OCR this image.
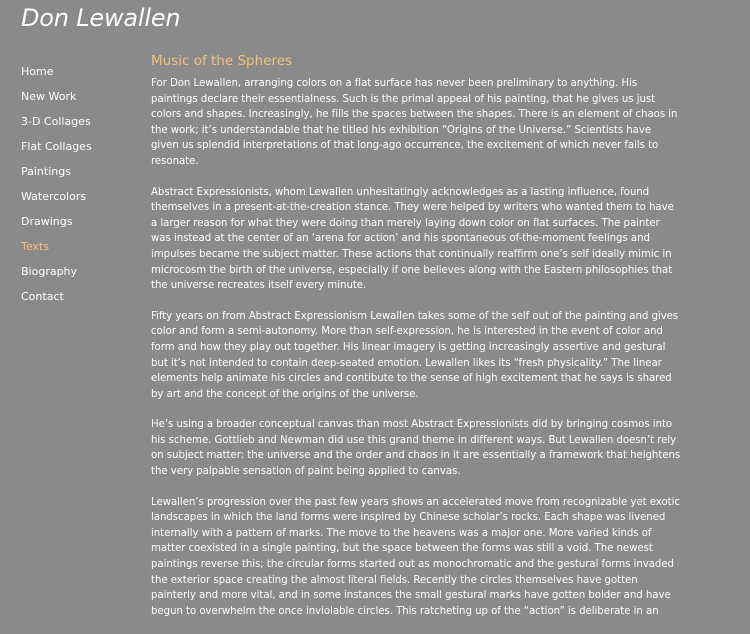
Don Lewallen
Home
New Work
3-D Collages
Flat Collages
Paintings
Watercolors
Drawings
Texts
Biography
Contact
Music of the Spheres

For Don Lewallen, arranging colors on a flat surface has never been preliminary to anything. His paintings declare their essentialness. Such is the primal appeal of his painting, that he gives us just colors and shapes. Increasingly, he fills the spaces between the shapes. There is an element of chaos in the work; it’s understandable that he titled his exhibition “Origins of the Universe.” Scientists have given us splendid interpretations of that long-ago occurrence, the excitement of which never fails to resonate.

Abstract Expressionists, whom Lewallen unhesitatingly acknowledges as a lasting influence, found themselves in a present-at-the-creation stance. They were helped by writers who wanted them to have a larger reason for what they were doing than merely laying down color on flat surfaces. The painter was instead at the center of an ‘arena for action’ and his spontaneous of-the-moment feelings and impulses became the subject matter. These actions that continually reaffirm one’s self ideally mimic in microcosm the birth of the universe, especially if one believes along with the Eastern philosophies that the universe recreates itself every minute.

Fifty years on from Abstract Expressionism Lewallen takes some of the self out of the painting and gives color and form a semi-autonomy. More than self-expression, he is interested in the event of color and form and how they play out together. His linear imagery is getting increasingly assertive and gestural but it’s not intended to contain deep-seated emotion. Lewallen likes its “fresh physicality.” The linear elements help animate his circles and contibute to the sense of high excitement that he says is shared by art and the concept of the origins of the universe.

He’s using a broader conceptual canvas than most Abstract Expressionists did by bringing cosmos into his scheme. Gottlieb and Newman did use this grand theme in different ways. But Lewallen doesn’t rely on subject matter: the universe and the order and chaos in it are essentially a framework that heightens the very palpable sensation of paint being applied to canvas.

Lewallen’s progression over the past few years shows an accelerated move from recognizable yet exotic landscapes in which the land forms were inspired by Chinese scholar’s rocks. Each shape was livened internally with a pattern of marks. The move to the heavens was a major one. More varied kinds of matter coexisted in a single painting, but the space between the forms was still a void. The newest paintings reverse this; the circular forms started out as monochromatic and the gestural forms invaded the exterior space creating the almost literal fields. Recently the circles themselves have gotten painterly and more vital, and in some instances the small gestural marks have gotten bolder and have begun to overwhelm the once inviolable circles. This ratcheting up of the “action” is deliberate in an
